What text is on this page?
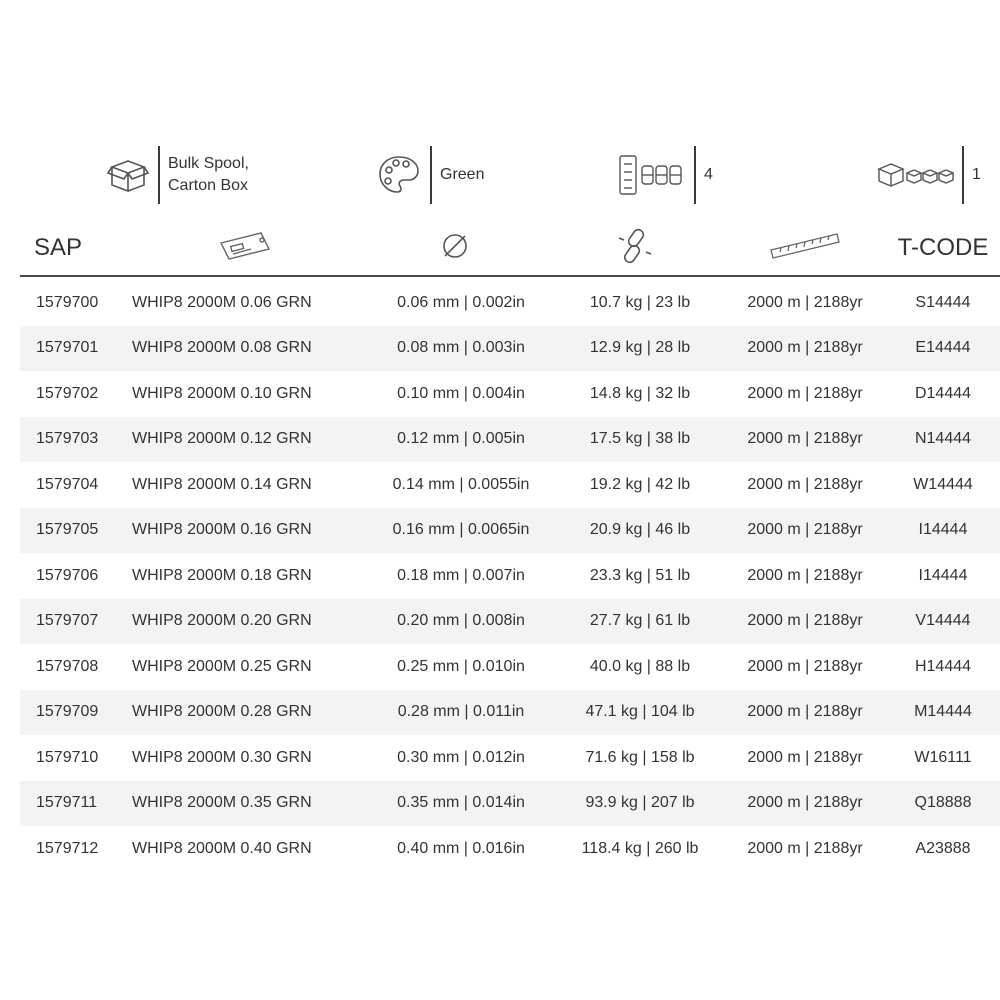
Bulk Spool,
Carton Box
Green	4	1
SAP	T-CODE
1579700 WHIP8 2000M 0.06 GRN	0.06 mm | 0.002in	10.7 kg | 23 lb	2000 m | 2188yr	S14444
1579701 WHIP8 2000M 0.08 GRN	0.08 mm | 0.003in	12.9 kg | 28 lb	2000 m | 2188yr	E14444
1579702 WHIP8 2000M 0.10 GRN	0.10 mm | 0.004in	14.8 kg | 32 lb	2000 m | 2188yr	D14444
1579703 WHIP8 2000M 0.12 GRN	0.12 mm | 0.005in	17.5 kg | 38 lb	2000 m | 2188yr	N14444
1579704 WHIP8 2000M 0.14 GRN	0.14 mm | 0.0055in	19.2 kg | 42 lb	2000 m | 2188yr	W14444
1579705 WHIP8 2000M 0.16 GRN	0.16 mm | 0.0065in	20.9 kg | 46 lb	2000 m | 2188yr	I14444
1579706 WHIP8 2000M 0.18 GRN	0.18 mm | 0.007in	23.3 kg | 51 lb	2000 m | 2188yr	I14444
1579707 WHIP8 2000M 0.20 GRN	0.20 mm | 0.008in	27.7 kg | 61 lb	2000 m | 2188yr	V14444
1579708 WHIP8 2000M 0.25 GRN	0.25 mm | 0.010in	40.0 kg | 88 lb	2000 m | 2188yr	H14444
1579709 WHIP8 2000M 0.28 GRN	0.28 mm | 0.011in	47.1 kg | 104 lb	2000 m | 2188yr	M14444
1579710 WHIP8 2000M 0.30 GRN	0.30 mm | 0.012in	71.6 kg | 158 lb	2000 m | 2188yr	W16111
1579711 WHIP8 2000M 0.35 GRN	0.35 mm | 0.014in	93.9 kg | 207 lb	2000 m | 2188yr	Q18888
1579712 WHIP8 2000M 0.40 GRN	0.40 mm | 0.016in	118.4 kg | 260 lb	2000 m | 2188yr	A23888
